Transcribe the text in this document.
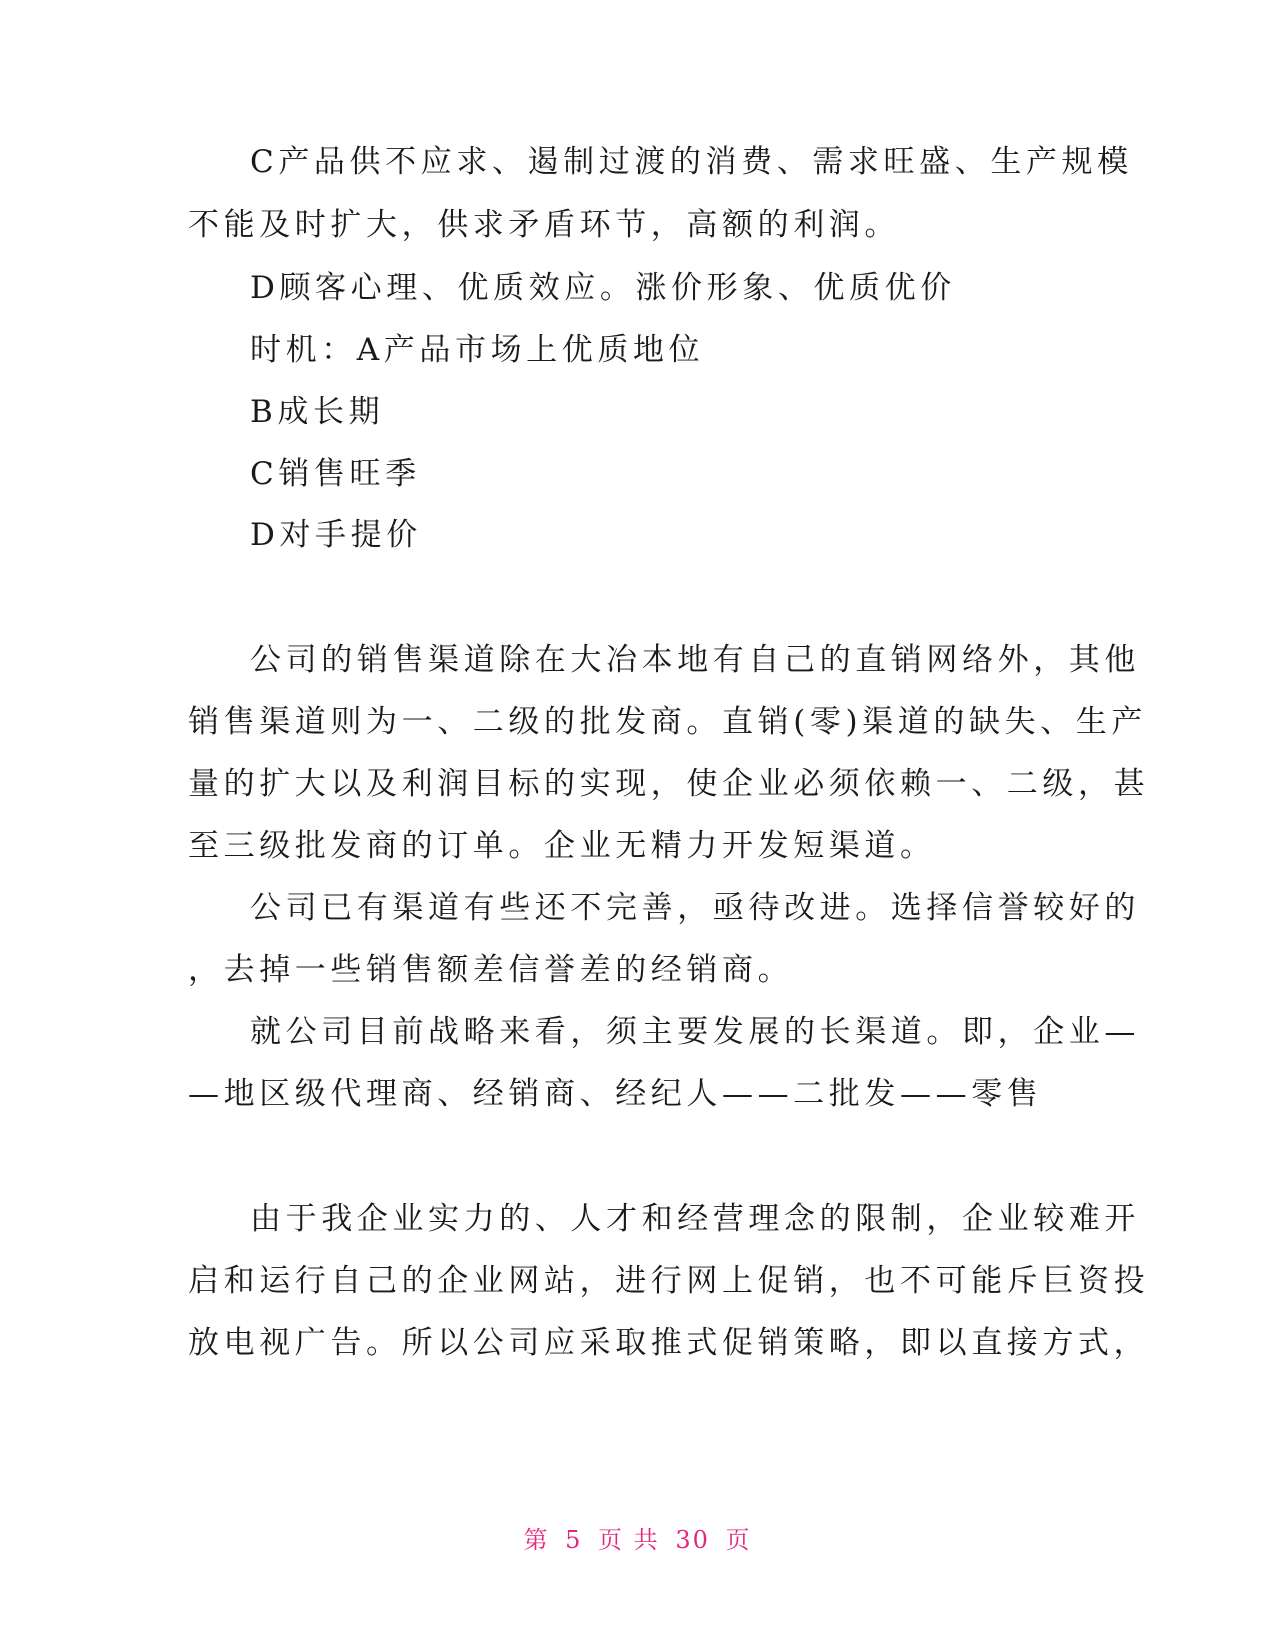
C产品供不应求、遏制过渡的消费、需求旺盛、生产规模
不能及时扩大，供求矛盾环节，高额的利润。
D顾客心理、优质效应。涨价形象、优质优价
时机：A产品市场上优质地位
B成长期
C销售旺季
D对手提价
公司的销售渠道除在大冶本地有自己的直销网络外，其他
销售渠道则为一、二级的批发商。直销(零)渠道的缺失、生产
量的扩大以及利润目标的实现，使企业必须依赖一、二级，甚
至三级批发商的订单。企业无精力开发短渠道。
公司已有渠道有些还不完善，亟待改进。选择信誉较好的
，去掉一些销售额差信誉差的经销商。
就公司目前战略来看，须主要发展的长渠道。即，企业—
—地区级代理商、经销商、经纪人——二批发——零售
由于我企业实力的、人才和经营理念的限制，企业较难开
启和运行自己的企业网站，进行网上促销，也不可能斥巨资投
放电视广告。所以公司应采取推式促销策略，即以直接方式，
第 5 页 共 30 页
